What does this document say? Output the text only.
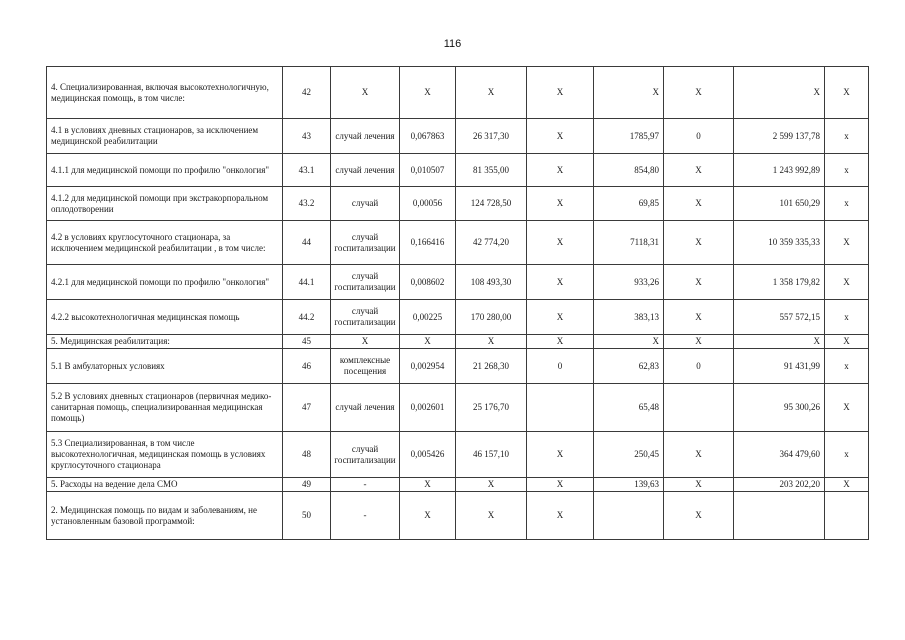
116
4. Специализированная, включая высокотехнологичную, медицинская помощь, в том числе:	42	X	X	X	X	X	X	X	X
4.1 в условиях дневных стационаров, за исключением медицинской реабилитации	43	случай лечения	0,067863	26 317,30	X	1785,97	0	2 599 137,78	x
4.1.1 для медицинской помощи по профилю "онкология"	43.1	случай лечения	0,010507	81 355,00	X	854,80	X	1 243 992,89	x
4.1.2 для медицинской помощи при экстракорпоральном оплодотворении	43.2	случай	0,00056	124 728,50	X	69,85	X	101 650,29	x
4.2 в условиях круглосуточного стационара, за исключением медицинской реабилитации , в том числе:	44	случай госпитализации	0,166416	42 774,20	X	7118,31	X	10 359 335,33	X
4.2.1 для медицинской помощи по профилю "онкология"	44.1	случай госпитализации	0,008602	108 493,30	X	933,26	X	1 358 179,82	X
4.2.2 высокотехнологичная медицинская помощь	44.2	случай госпитализации	0,00225	170 280,00	X	383,13	X	557 572,15	x
5. Медицинская реабилитация:	45	X	X	X	X	X	X	X	X
5.1 В амбулаторных условиях	46	комплексные посещения	0,002954	21 268,30	0	62,83	0	91 431,99	x
5.2 В условиях дневных стационаров (первичная медико-санитарная помощь, специализированная медицинская помощь)	47	случай лечения	0,002601	25 176,70		65,48		95 300,26	X
5.3 Специализированная, в том числе высокотехнологичная, медицинская помощь в условиях круглосуточного стационара	48	случай госпитализации	0,005426	46 157,10	X	250,45	X	364 479,60	x
5. Расходы на ведение дела СМО	49	-	X	X	X	139,63	X	203 202,20	X
2. Медицинская помощь по видам и заболеваниям, не установленным базовой программой:	50	-	X	X	X		X		
